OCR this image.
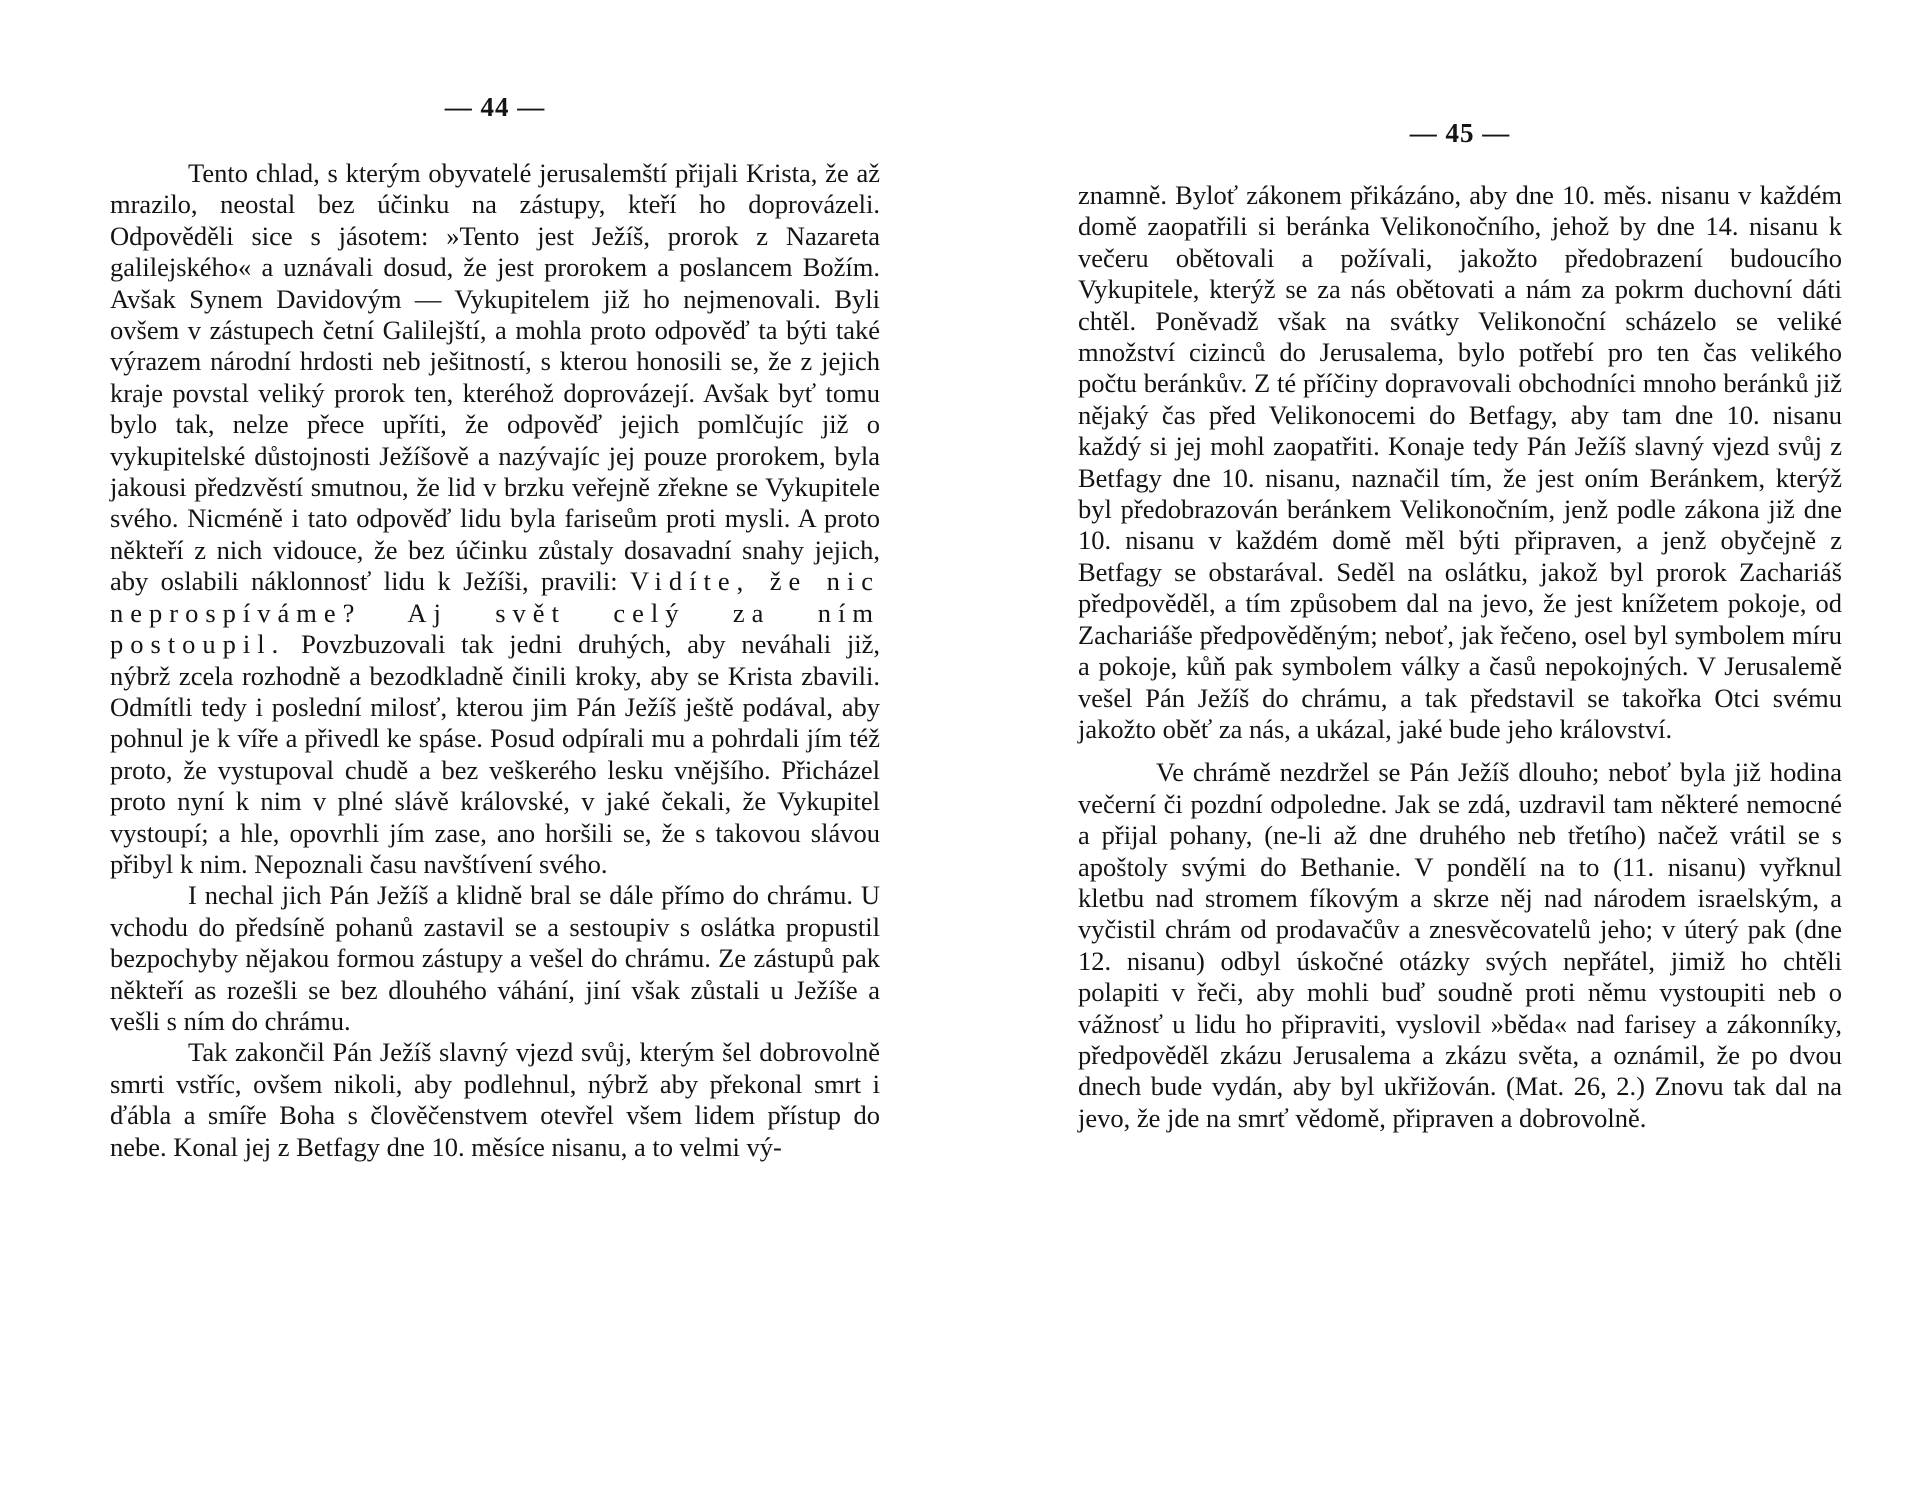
— 44 —

Tento chlad, s kterým obyvatelé jerusalemští přijali Krista, že až mrazilo, neostal bez účinku na zástupy, kteří ho doprovázeli. Odpověděli sice s jásotem: »Tento jest Ježíš, prorok z Nazareta galilejského« a uznávali dosud, že jest prorokem a poslancem Božím. Avšak Synem Davidovým — Vykupitelem již ho nejmenovali. Byli ovšem v zástupech četní Galilejští, a mohla proto odpověď ta býti také výrazem národní hrdosti neb ješitností, s kterou honosili se, že z jejich kraje povstal veliký prorok ten, kteréhož doprovázejí. Avšak byť tomu bylo tak, nelze přece upříti, že odpověď jejich pomlčujíc již o vykupitelské důstojnosti Ježíšově a nazývajíc jej pouze prorokem, byla jakousi předzvěstí smutnou, že lid v brzku veřejně zřekne se Vykupitele svého. Nicméně i tato odpověď lidu byla fariseům proti mysli. A proto někteří z nich vidouce, že bez účinku zůstaly dosavadní snahy jejich, aby oslabili náklonnosť lidu k Ježíši, pravili: Vidíte, že nic neprospíváme? Aj svět celý za ním postoupil. Povzbuzovali tak jedni druhých, aby neváhali již, nýbrž zcela rozhodně a bezodkladně činili kroky, aby se Krista zbavili. Odmítli tedy i poslední milosť, kterou jim Pán Ježíš ještě podával, aby pohnul je k víře a přivedl ke spáse. Posud odpírali mu a pohrdali jím též proto, že vystupoval chudě a bez veškerého lesku vnějšího. Přicházel proto nyní k nim v plné slávě královské, v jaké čekali, že Vykupitel vystoupí; a hle, opovrhli jím zase, ano horšili se, že s takovou slávou přibyl k nim. Nepoznali času navštívení svého.

I nechal jich Pán Ježíš a klidně bral se dále přímo do chrámu. U vchodu do předsíně pohanů zastavil se a sestoupiv s oslátka propustil bezpochyby nějakou formou zástupy a vešel do chrámu. Ze zástupů pak někteří as rozešli se bez dlouhého váhání, jiní však zůstali u Ježíše a vešli s ním do chrámu.

Tak zakončil Pán Ježíš slavný vjezd svůj, kterým šel dobrovolně smrti vstříc, ovšem nikoli, aby podlehnul, nýbrž aby překonal smrt i ďábla a smíře Boha s člověčenstvem otevřel všem lidem přístup do nebe. Konal jej z Betfagy dne 10. měsíce nisanu, a to velmi vý-

— 45 —

znamně. Byloť zákonem přikázáno, aby dne 10. měs. nisanu v každém domě zaopatřili si beránka Velikonočního, jehož by dne 14. nisanu k večeru obětovali a požívali, jakožto předobrazení budoucího Vykupitele, kterýž se za nás obětovati a nám za pokrm duchovní dáti chtěl. Poněvadž však na svátky Velikonoční scházelo se veliké množství cizinců do Jerusalema, bylo potřebí pro ten čas velikého počtu beránkův. Z té příčiny dopravovali obchodníci mnoho beránků již nějaký čas před Velikonocemi do Betfagy, aby tam dne 10. nisanu každý si jej mohl zaopatřiti. Konaje tedy Pán Ježíš slavný vjezd svůj z Betfagy dne 10. nisanu, naznačil tím, že jest oním Beránkem, kterýž byl předobrazován beránkem Velikonočním, jenž podle zákona již dne 10. nisanu v každém domě měl býti připraven, a jenž obyčejně z Betfagy se obstarával. Seděl na oslátku, jakož byl prorok Zachariáš předpověděl, a tím způsobem dal na jevo, že jest knížetem pokoje, od Zachariáše předpověděným; neboť, jak řečeno, osel byl symbolem míru a pokoje, kůň pak symbolem války a časů nepokojných. V Jerusalemě vešel Pán Ježíš do chrámu, a tak představil se takořka Otci svému jakožto oběť za nás, a ukázal, jaké bude jeho království.

Ve chrámě nezdržel se Pán Ježíš dlouho; neboť byla již hodina večerní či pozdní odpoledne. Jak se zdá, uzdravil tam některé nemocné a přijal pohany, (ne-li až dne druhého neb třetího) načež vrátil se s apoštoly svými do Bethanie. V pondělí na to (11. nisanu) vyřknul kletbu nad stromem fíkovým a skrze něj nad národem israelským, a vyčistil chrám od prodavačův a znesvěcovatelů jeho; v úterý pak (dne 12. nisanu) odbyl úskočné otázky svých nepřátel, jimiž ho chtěli polapiti v řeči, aby mohli buď soudně proti němu vystoupiti neb o vážnosť u lidu ho připraviti, vyslovil »běda« nad farisey a zákonníky, předpověděl zkázu Jerusalema a zkázu světa, a oznámil, že po dvou dnech bude vydán, aby byl ukřižován. (Mat. 26, 2.) Znovu tak dal na jevo, že jde na smrť vědomě, připraven a dobrovolně.
